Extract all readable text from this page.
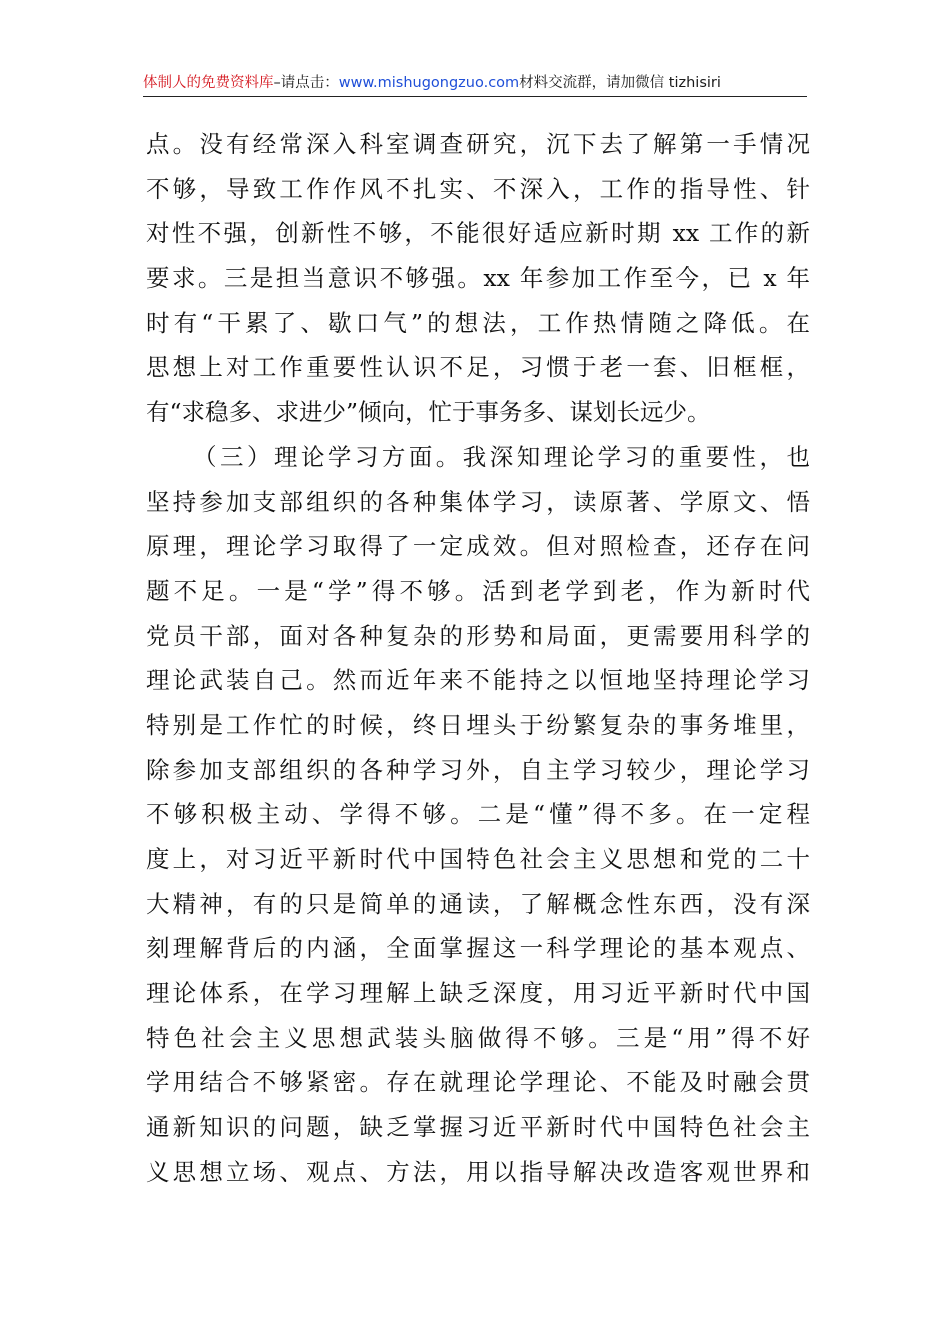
体制人的免费资料库–请点击：www.mishugongzuo.com材料交流群，请加微信 tizhisiri
点。没有经常深入科室调查研究，沉下去了解第一手情况
不够，导致工作作风不扎实、不深入，工作的指导性、针
对性不强，创新性不够，不能很好适应新时期 xx 工作的新
要求。三是担当意识不够强。xx 年参加工作至今，已 x 年
时有“干累了、歇口气”的想法，工作热情随之降低。在
思想上对工作重要性认识不足，习惯于老一套、旧框框，
有“求稳多、求进少”倾向，忙于事务多、谋划长远少。
（三）理论学习方面。我深知理论学习的重要性，也
坚持参加支部组织的各种集体学习，读原著、学原文、悟
原理，理论学习取得了一定成效。但对照检查，还存在问
题不足。一是“学”得不够。活到老学到老，作为新时代
党员干部，面对各种复杂的形势和局面，更需要用科学的
理论武装自己。然而近年来不能持之以恒地坚持理论学习
特别是工作忙的时候，终日埋头于纷繁复杂的事务堆里，
除参加支部组织的各种学习外，自主学习较少，理论学习
不够积极主动、学得不够。二是“懂”得不多。在一定程
度上，对习近平新时代中国特色社会主义思想和党的二十
大精神，有的只是简单的通读，了解概念性东西，没有深
刻理解背后的内涵，全面掌握这一科学理论的基本观点、
理论体系，在学习理解上缺乏深度，用习近平新时代中国
特色社会主义思想武装头脑做得不够。三是“用”得不好
学用结合不够紧密。存在就理论学理论、不能及时融会贯
通新知识的问题，缺乏掌握习近平新时代中国特色社会主
义思想立场、观点、方法，用以指导解决改造客观世界和
